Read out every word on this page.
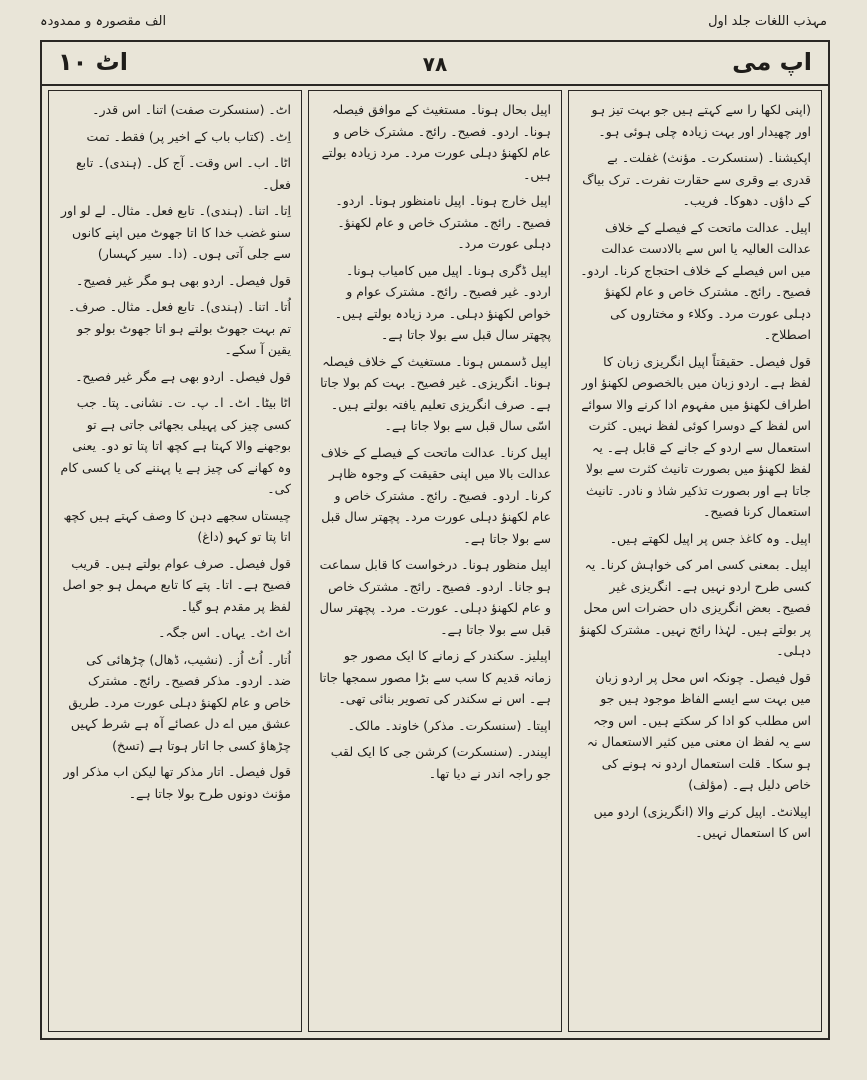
مہذب اللغات جلد اول
الف مقصورہ و ممدودہ
اپ می
۷۸
اٹ ۱۰

(اپنی لکھا را سے کہتے ہیں جو بہت تیز ہو اور چھیدار اور بہت زیادہ چلی ہوئی ہو۔

اپکیشنا۔ (سنسکرت۔ مؤنث) غفلت۔ بے قدری بے وقری سے حقارت نفرت۔ ترک بیاگ کے داؤں۔ دھوکا۔ فریب۔

اپیل۔ عدالت ماتحت کے فیصلے کے خلاف عدالت العالیہ یا اس سے بالادست عدالت میں اس فیصلے کے خلاف احتجاج کرنا۔ اردو۔ فصیح۔ رائج۔ مشترک خاص و عام لکھنؤ دہلی عورت مرد۔ وکلاء و مختاروں کی اصطلاح۔

قول فیصل۔ حقیقتاً اپیل انگریزی زبان کا لفظ ہے۔ اردو زبان میں بالخصوص لکھنؤ اور اطراف لکھنؤ میں مفہوم ادا کرنے والا سوائے اس لفظ کے دوسرا کوئی لفظ نہیں۔ کثرت استعمال سے اردو کے جانے کے قابل ہے۔ یہ لفظ لکھنؤ میں بصورت تانیث کثرت سے بولا جاتا ہے اور بصورت تذکیر شاذ و نادر۔ تانیث استعمال کرنا فصیح۔

اپیل۔ وہ کاغذ جس پر اپیل لکھتے ہیں۔

اپیل۔ بمعنی کسی امر کی خواہش کرنا۔ یہ کسی طرح اردو نہیں ہے۔ انگریزی غیر فصیح۔ بعض انگریزی داں حضرات اس محل پر بولتے ہیں۔ لہٰذا رائج نہیں۔ مشترک لکھنؤ دہلی۔

قول فیصل۔ چونکہ اس محل پر اردو زبان میں بہت سے ایسے الفاظ موجود ہیں جو اس مطلب کو ادا کر سکتے ہیں۔ اس وجہ سے یہ لفظ ان معنی میں کثیر الاستعمال نہ ہو سکا۔ قلت استعمال اردو نہ ہونے کی خاص دلیل ہے۔ (مؤلف)

اپیلانٹ۔ اپیل کرنے والا (انگریزی) اردو میں اس کا استعمال نہیں۔

اپیل بحال ہونا۔ مستغیث کے موافق فیصلہ ہونا۔ اردو۔ فصیح۔ رائج۔ مشترک خاص و عام لکھنؤ دہلی عورت مرد۔ مرد زیادہ بولتے ہیں۔

اپیل خارج ہونا۔ اپیل نامنظور ہونا۔ اردو۔ فصیح۔ رائج۔ مشترک خاص و عام لکھنؤ۔ دہلی عورت مرد۔

اپیل ڈگری ہونا۔ اپیل میں کامیاب ہونا۔ اردو۔ غیر فصیح۔ رائج۔ مشترک عوام و خواص لکھنؤ دہلی۔ مرد زیادہ بولتے ہیں۔ پچھتر سال قبل سے بولا جاتا ہے۔

اپیل ڈسمس ہونا۔ مستغیث کے خلاف فیصلہ ہونا۔ انگریزی۔ غیر فصیح۔ بہت کم بولا جاتا ہے۔ صرف انگریزی تعلیم یافتہ بولتے ہیں۔ اسّی سال قبل سے بولا جاتا ہے۔

اپیل کرنا۔ عدالت ماتحت کے فیصلے کے خلاف عدالت بالا میں اپنی حقیقت کے وجوہ ظاہر کرنا۔ اردو۔ فصیح۔ رائج۔ مشترک خاص و عام لکھنؤ دہلی عورت مرد۔ پچھتر سال قبل سے بولا جاتا ہے۔

اپیل منظور ہونا۔ درخواست کا قابل سماعت ہو جانا۔ اردو۔ فصیح۔ رائج۔ مشترک خاص و عام لکھنؤ دہلی۔ عورت۔ مرد۔ پچھتر سال قبل سے بولا جاتا ہے۔

اپیلیز۔ سکندر کے زمانے کا ایک مصور جو زمانہ قدیم کا سب سے بڑا مصور سمجھا جاتا ہے۔ اس نے سکندر کی تصویر بنائی تھی۔

اپیتا۔ (سنسکرت۔ مذکر) خاوند۔ مالک۔

اپیندر۔ (سنسکرت) کرشن جی کا ایک لقب جو راجہ اندر نے دیا تھا۔

اٹ۔ (سنسکرت صفت) اتنا۔ اس قدر۔

اِٹ۔ (کتاب باب کے اخیر پر) فقط۔ تمت

اٹا۔ اب۔ اس وقت۔ آج کل۔ (ہندی)۔ تابع فعل۔

اِتا۔ اتنا۔ (ہندی)۔ تابع فعل۔ مثال۔ لے لو اور سنو غضب خدا کا اتا جھوٹ میں اپنے کانوں سے جلی آتی ہوں۔ (دا۔ سیر کہسار)

قول فیصل۔ اردو بھی ہو مگر غیر فصیح۔

اُتا۔ اتنا۔ (ہندی)۔ تابع فعل۔ مثال۔ صرف۔ تم بہت جھوٹ بولتے ہو اتا جھوٹ بولو جو یقین آ سکے۔

قول فیصل۔ اردو بھی ہے مگر غیر فصیح۔

اٹا بیٹا۔ اٹ۔ ا۔ پ۔ ت۔ نشانی۔ پتا۔ جب کسی چیز کی پہیلی بجھائی جاتی ہے تو بوجھنے والا کہتا ہے کچھ اتا پتا تو دو۔ یعنی وہ کھانے کی چیز ہے یا پہننے کی یا کسی کام کی۔

چیستاں سجھے دہن کا وصف کہتے ہیں کچھ اتا پتا تو کہو (داغ)

قول فیصل۔ صرف عوام بولتے ہیں۔ قریب فصیح ہے۔ اتا۔ پتے کا تابع مہمل ہو جو اصل لفظ پر مقدم ہو گیا۔

اٹ اٹ۔ یہاں۔ اس جگہ۔

اُتار۔ اُٹ اُز۔ (نشیب، ڈھال) چڑھائی کی ضد۔ اردو۔ مذکر فصیح۔ رائج۔ مشترک خاص و عام لکھنؤ دہلی عورت مرد۔ طریق عشق میں اے دل عصائے آہ ہے شرط کہیں چڑھاؤ کسی جا اتار ہوتا ہے (تسخ)

قول فیصل۔ اتار مذکر تھا لیکن اب مذکر اور مؤنث دونوں طرح بولا جاتا ہے۔
